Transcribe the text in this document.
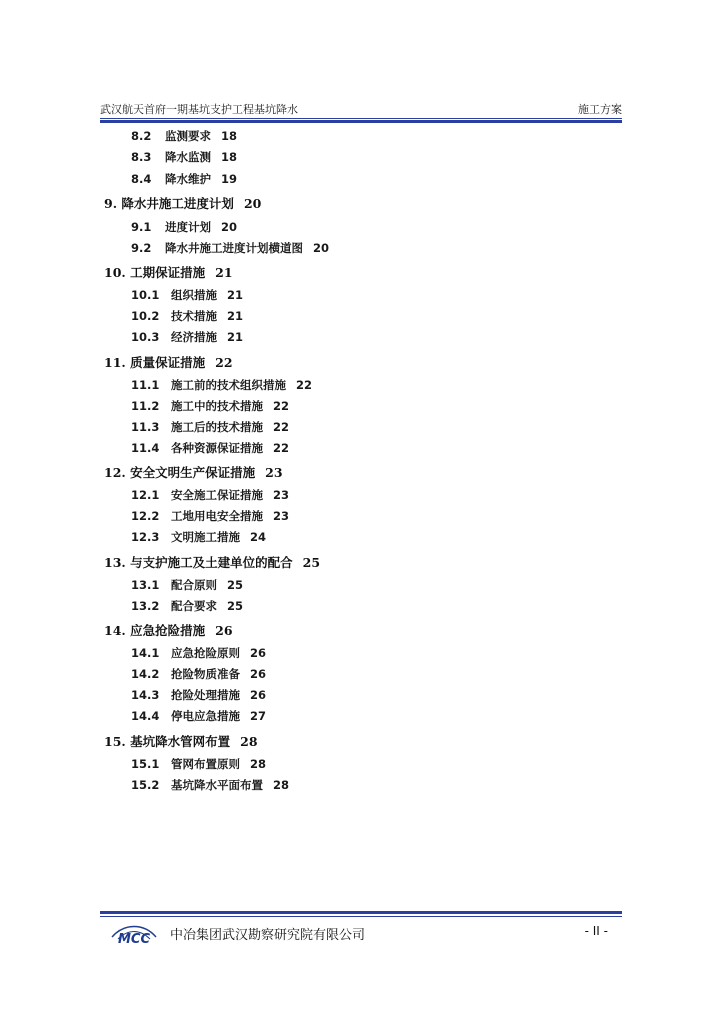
武汉航天首府一期基坑支护工程基坑降水	施工方案
8.2 监测要求 18
8.3 降水监测 18
8.4 降水维护 19
9. 降水井施工进度计划 20
9.1 进度计划 20
9.2 降水井施工进度计划横道图 20
10. 工期保证措施 21
10.1 组织措施 21
10.2 技术措施 21
10.3 经济措施 21
11. 质量保证措施 22
11.1 施工前的技术组织措施 22
11.2 施工中的技术措施 22
11.3 施工后的技术措施 22
11.4 各种资源保证措施 22
12. 安全文明生产保证措施 23
12.1 安全施工保证措施 23
12.2 工地用电安全措施 23
12.3 文明施工措施 24
13. 与支护施工及土建单位的配合 25
13.1 配合原则 25
13.2 配合要求 25
14. 应急抢险措施 26
14.1 应急抢险原则 26
14.2 抢险物质准备 26
14.3 抢险处理措施 26
14.4 停电应急措施 27
15. 基坑降水管网布置 28
15.1 管网布置原则 28
15.2 基坑降水平面布置 28
MCC 中冶集团武汉勘察研究院有限公司	- II -
